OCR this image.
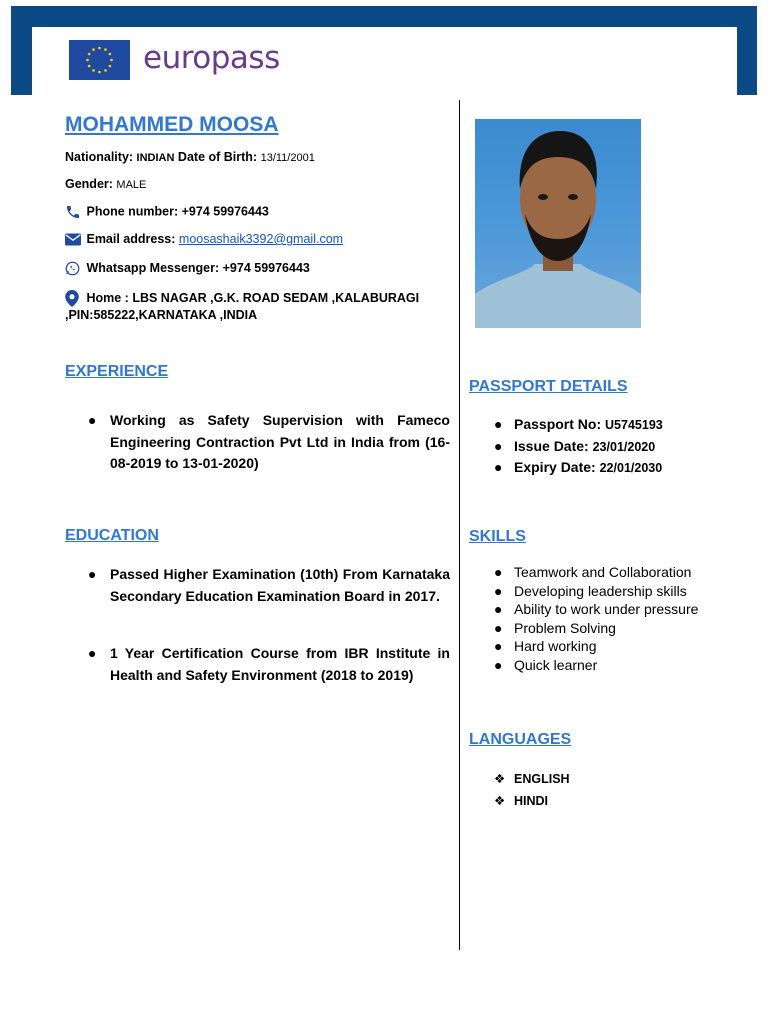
europass
MOHAMMED MOOSA
Nationality: INDIAN Date of Birth: 13/11/2001
Gender: MALE
Phone number: +974 59976443
Email address: moosashaik3392@gmail.com
Whatsapp Messenger: +974 59976443
Home : LBS NAGAR ,G.K. ROAD SEDAM ,KALABURAGI
,PIN:585222,KARNATAKA ,INDIA
EXPERIENCE
● Working as Safety Supervision with Fameco Engineering Contraction Pvt Ltd in India from (16-08-2019 to 13-01-2020)
EDUCATION
● Passed Higher Examination (10th) From Karnataka Secondary Education Examination Board in 2017.
● 1 Year Certification Course from IBR Institute in Health and Safety Environment (2018 to 2019)
PASSPORT DETAILS
● Passport No: U5745193
● Issue Date: 23/01/2020
● Expiry Date: 22/01/2030
SKILLS
● Teamwork and Collaboration
● Developing leadership skills
● Ability to work under pressure
● Problem Solving
● Hard working
● Quick learner
LANGUAGES
❖ ENGLISH
❖ HINDI
